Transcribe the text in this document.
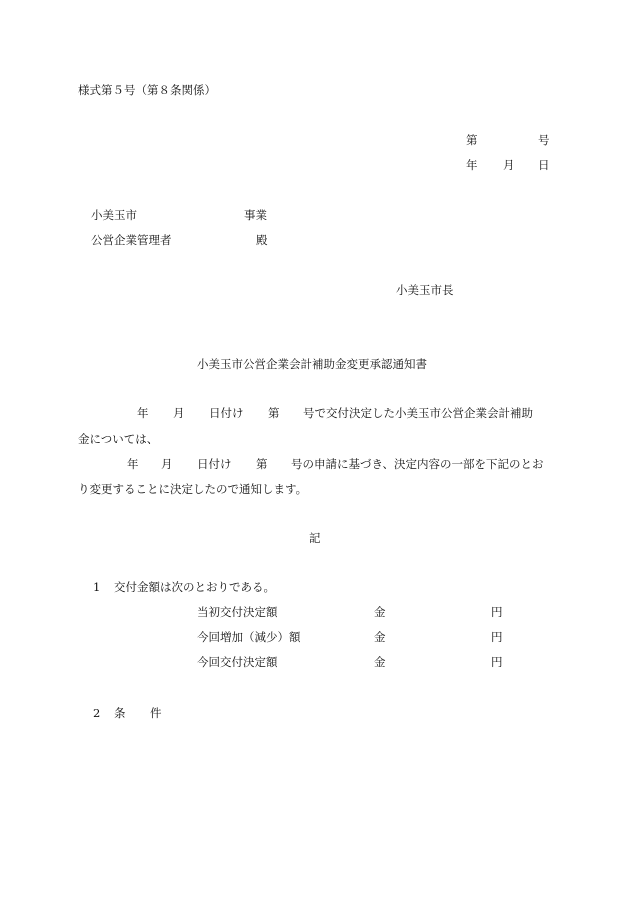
様式第５号（第８条関係）
第	号
年 月 日
小美玉市	事業
公営企業管理者	殿
小美玉市長
小美玉市公営企業会計補助金変更承認通知書
年 月 日付け 第 号で交付決定した小美玉市公営企業会計補助
金については、
年 月 日付け 第 号の申請に基づき、決定内容の一部を下記のとお
り変更することに決定したので通知します。
記
1 交付金額は次のとおりである。
当初交付決定額	金	円
今回増加（減少）額	金	円
今回交付決定額	金	円
2 条 件
